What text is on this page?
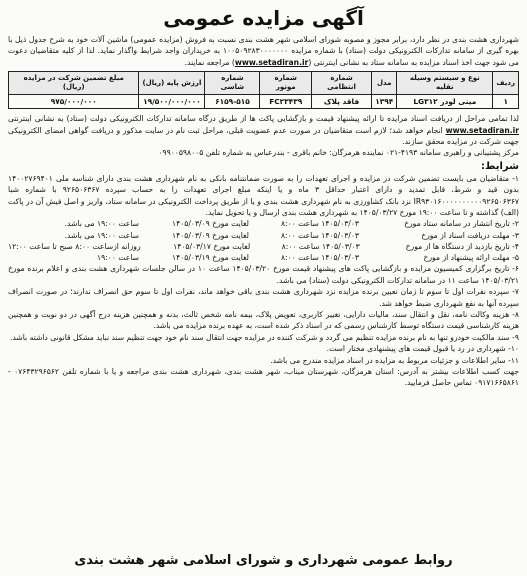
آگهی مزایده عمومی

شهرداری هشت بندی در نظر دارد، برابر مجوز و مصوبه شورای اسلامی شهر هشت بندی نسبت به فروش (مزایده عمومی) ماشین آلات خود به شرح جدول ذیل با بهره گیری از سامانه تدارکات الکترونیکی دولت (ستاد) با شماره مزایده ۱۰۰۵۰۹۲۸۳۰۰۰۰۰۰۰ به خریداران واجد شرایط واگذار نماید. لذا از کلیه متقاضیان دعوت می شود جهت اخذ اسناد مزایده به سامانه ستاد به نشانی اینترنتی (www.setadiran.ir) مراجعه نمایند.

ردیف	نوع و سیستم وسیله نقلیه	مدل	شماره انتظامی	شماره موتور	شماره شاسی	ارزش پایه (ریال)	مبلغ تضمین شرکت در مزایده (ریال)
۱	مینی لودر LG۳۱۲	۱۳۹۴	فاقد پلاک	FC۲۳۴۳۹	۶۱۵۹-۵۱۵	۱۹/۵۰۰/۰۰۰/۰۰۰	۹۷۵/۰۰۰/۰۰۰

لذا تمامی مراحل از دریافت اسناد مزایده تا ارائه پیشنهاد قیمت و بازگشایی پاکت ها از طریق درگاه سامانه تدارکات الکترونیکی دولت (ستاد) به نشانی اینترنتی www.setadiran.ir انجام خواهد شد؛ لازم است متقاضیان در صورت عدم عضویت قبلی، مراحل ثبت نام در سایت مذکور و دریافت گواهی امضای الکترونیکی جهت شرکت در مزایده محقق سازند.

مرکز پشتیبانی و راهبری سامانه ۴۱۹۳-۰۲۱ نماینده هرمزگان: خانم باقری - بندرعباس به شماره تلفن ۰۹۹۰۰۵۹۸۰۰۵

شرایط:

۱- متقاضیان می بایست تضمین شرکت در مزایده و اجرای تعهدات را به صورت ضمانتنامه بانکی به نام شهرداری هشت بندی دارای شناسه ملی ۱۴۰۰۲۷۶۹۴۰۱ بدون قید و شرط، قابل تمدید و دارای اعتبار حداقل ۳ ماه و یا اینکه مبلغ اجرای تعهدات را به حساب سپرده ۹۲۶۵۰۶۳۶۷ با شماره شبا IR۹۳۰۱۶۰۰۰۰۰۰۰۰۰۰۹۲۶۵۰۶۳۶۷ نزد بانک کشاورزی به نام شهرداری هشت بندی و یا از طریق پرداخت الکترونیکی در سامانه ستاد، واریز و اصل فیش آن در پاکت (الف) گذاشته و تا ساعت ۱۹:۰۰ مورخ ۱۴۰۵/۰۳/۲۷ به شهرداری هشت بندی ارسال و یا تحویل نماید.

۲- تاریخ انتشار در سامانه ستاد مورخ
۱۴۰۵/۰۳/۰۳ ساعت ۸:۰۰
لغایت مورخ ۱۴۰۵/۰۳/۰۹
ساعت ۱۹:۰۰ می باشد.
۳- مهلت دریافت اسناد از مورخ
۱۴۰۵/۰۳/۰۳ ساعت ۸:۰۰
لغایت مورخ ۱۴۰۵/۰۳/۰۹
ساعت ۱۹:۰۰ می باشد.
۴- تاریخ بازدید از دستگاه ها از مورخ
۱۴۰۵/۰۳/۰۳ ساعت ۸:۰۰
لغایت مورخ ۱۴۰۵/۰۳/۱۷
روزانه ازساعت ۸:۰۰ صبح تا ساعت ۱۲:۰۰
۵- مهلت ارائه پیشنهاد از مورخ
۱۴۰۵/۰۳/۰۳ ساعت ۸:۰۰
لغایت مورخ ۱۴۰۵/۰۳/۱۹
ساعت ۱۹:۰۰

۶- تاریخ برگزاری کمیسیون مزایده و بازگشایی پاکت های پیشنهاد قیمت مورخ ۱۴۰۵/۰۳/۲۰ ساعت ۱۰ در سالن جلسات شهرداری هشت بندی و اعلام برنده مورخ ۱۴۰۵/۰۳/۲۱ ساعت ۱۱ در سامانه تدارکات الکترونیکی دولت (ستاد) می باشد.

۷- سپرده نفرات اول تا سوم تا زمان تعیین برنده مزایده نزد شهرداری هشت بندی باقی خواهد ماند، نفرات اول تا سوم حق انصراف ندارند؛ در صورت انصراف سپرده آنها به نفع شهرداری ضبط خواهد شد.

۸- هزینه وکالت نامه، نقل و انتقال سند، مالیات دارایی، تغییر کاربری، تعویض پلاک، بیمه نامه شخص ثالث، بدنه و همچنین هزینه درج آگهی در دو نوبت و همچنین هزینه کارشناسی قیمت دستگاه توسط کارشناس رسمی که در اسناد ذکر شده است، به عهده برنده مزایده می باشد.

۹- سند مالکیت خودرو تنها به نام برنده مزایده تنظیم می گردد و شرکت کننده در مزایده جهت انتقال سند نام خود جهت تنظیم سند نباید مشکل قانونی داشته باشد.

۱۰- شهرداری در رد یا قبول قیمت های پیشنهادی مختار است.

۱۱- سایر اطلاعات و جزئیات مربوط به مزایده در اسناد مزایده مندرج می باشد.

جهت کسب اطلاعات بیشتر به آدرس: استان هرمزگان، شهرستان میناب، شهر هشت بندی، شهرداری هشت بندی مراجعه و یا با شماره تلفن ۰۷۶۴۳۲۹۶۵۶۲ - ۰۹۱۷۱۶۶۵۸۶۱ تماس حاصل فرمایید.

روابط عمومی شهرداری و شورای اسلامی شهر هشت بندی
